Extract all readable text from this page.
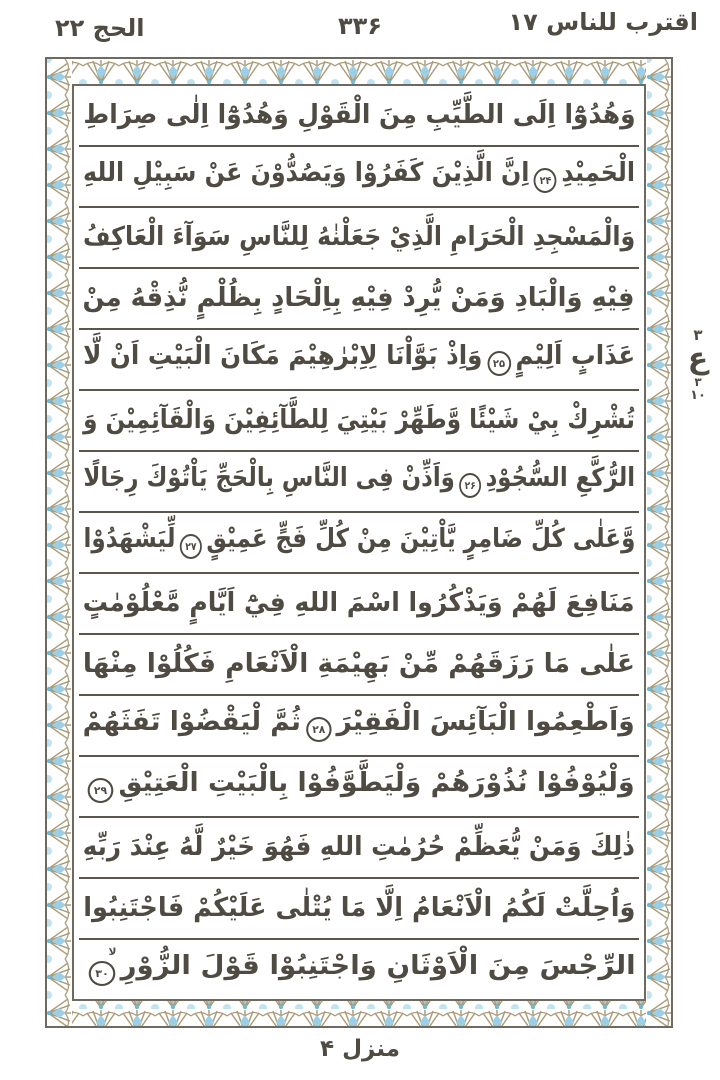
الحج ۲۲	۳۳۶	اقترب للناس ۱۷
وَهُدُوْٓا اِلَى الطَّيِّبِ مِنَ الْقَوْلِ وَهُدُوْٓا اِلٰى صِرَاطِ
الْحَمِيْدِ
۲۴
اِنَّ الَّذِيْنَ كَفَرُوْا وَيَصُدُّوْنَ عَنْ سَبِيْلِ اللهِ
وَالْمَسْجِدِ الْحَرَامِ الَّذِيْ جَعَلْنٰهُ لِلنَّاسِ سَوَآءَ الْعَاكِفُ
فِيْهِ وَالْبَادِ وَمَنْ يُّرِدْ فِيْهِ بِاِلْحَادٍ بِظُلْمٍ نُّذِقْهُ مِنْ
عَذَابٍ اَلِيْمٍ
۲۵
وَاِذْ بَوَّاْنَا لِاِبْرٰهِيْمَ مَكَانَ الْبَيْتِ اَنْ لَّا
تُشْرِكْ بِيْ شَيْئًا وَّطَهِّرْ بَيْتِيَ لِلطَّآئِفِيْنَ وَالْقَآئِمِيْنَ وَ
الرُّكَّعِ السُّجُوْدِ
۲۶
وَاَذِّنْ فِى النَّاسِ بِالْحَجِّ يَاْتُوْكَ رِجَالًا
وَّعَلٰى كُلِّ ضَامِرٍ يَّاْتِيْنَ مِنْ كُلِّ فَجٍّ عَمِيْقٍ
۲۷
لِّيَشْهَدُوْا
مَنَافِعَ لَهُمْ وَيَذْكُرُوا اسْمَ اللهِ فِيْٓ اَيَّامٍ مَّعْلُوْمٰتٍ
عَلٰى مَا رَزَقَهُمْ مِّنْ بَهِيْمَةِ الْاَنْعَامِ فَكُلُوْا مِنْهَا
وَاَطْعِمُوا الْبَآئِسَ الْفَقِيْرَ
۲۸
ثُمَّ لْيَقْضُوْا تَفَثَهُمْ
وَلْيُوْفُوْا نُذُوْرَهُمْ وَلْيَطَّوَّفُوْا بِالْبَيْتِ الْعَتِيْقِ
۲۹
ذٰلِكَ وَمَنْ يُّعَظِّمْ حُرُمٰتِ اللهِ فَهُوَ خَيْرٌ لَّهُ عِنْدَ رَبِّهِ
وَاُحِلَّتْ لَكُمُ الْاَنْعَامُ اِلَّا مَا يُتْلٰى عَلَيْكُمْ فَاجْتَنِبُوا
الرِّجْسَ مِنَ الْاَوْثَانِ وَاجْتَنِبُوْا قَوْلَ الزُّوْرِ
۳۰
لا
۳
ع
۳
۱۰
منزل ۴
